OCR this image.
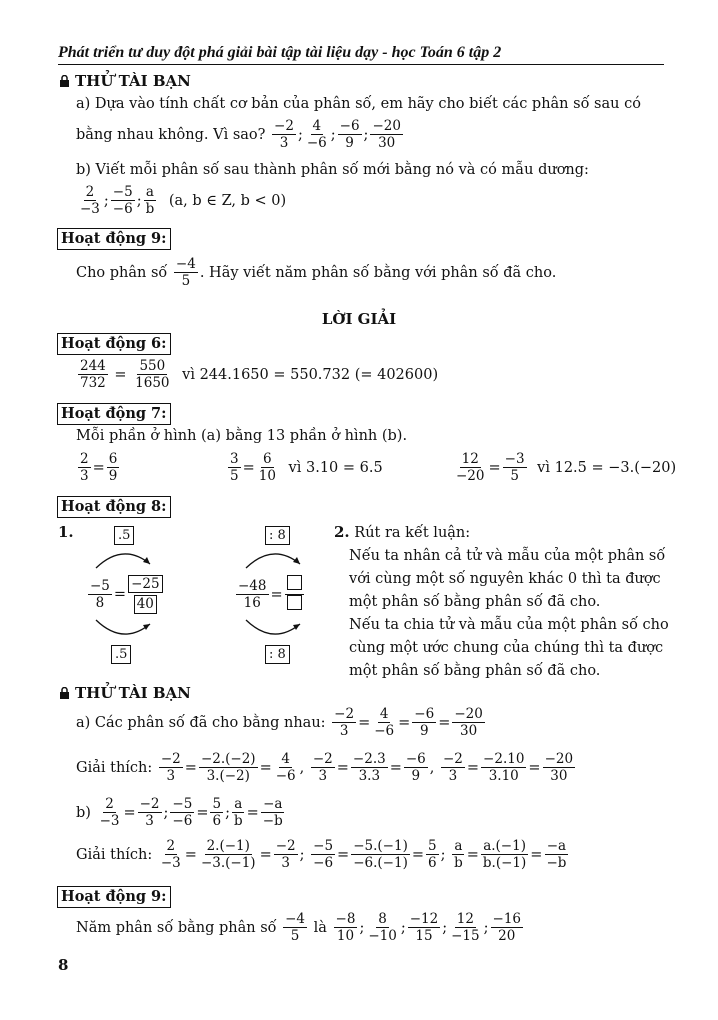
Phát triển tư duy đột phá giải bài tập tài liệu dạy - học Toán 6 tập 2
THỬ TÀI BẠN
a) Dựa vào tính chất cơ bản của phân số, em hãy cho biết các phân số sau có
bằng nhau không. Vì sao? $\frac{-2}{3}$ ; $\frac{4}{-6}$ ; $\frac{-6}{9}$ ; $\frac{-20}{30}$
b) Viết mỗi phân số sau thành phân số mới bằng nó và có mẫu dương:
$\frac{2}{-3}$ ; $\frac{-5}{-6}$ ; $\frac{a}{b} (a$, b ∈ Z, b < 0)
Hoạt động 9:
Cho phân số $\frac{-4}{5}$ . Hãy viết năm phân số bằng với phân số đã cho.
LỜI GIẢI
Hoạt động 6:
$\frac{244}{732} = \frac{550}{1650}$ vì 244.1650 = 550.732 (= 402600)
Hoạt động 7:
Mỗi phần ở hình (a) bằng 13 phần ở hình (b).
$\frac{2}{3} = \frac{6}{9}$	$\frac{3}{5} = \frac{6}{10}$ vì 3.10 = 6.5	$\frac{12}{-20} = \frac{-3}{5}$ vì 12.5 = −3.(−20)
Hoạt động 8:
1.	.5
$\frac{-5}{8} = \frac{-25}{40}$
.5
: 8
$\frac{-48}{16}$ =
: 8
2. Rút ra kết luận:
Nếu ta nhân cả tử và mẫu của một phân số với cùng một số nguyên khác 0 thì ta được một phân số bằng phân số đã cho.
Nếu ta chia tử và mẫu của một phân số cho cùng một ước chung của chúng thì ta được một phân số bằng phân số đã cho.
THỬ TÀI BẠN
a) Các phân số đã cho bằng nhau: $\frac{-2}{3} = \frac{4}{-6} = \frac{-6}{9} = \frac{-20}{30}$
Giải thích: $\frac{-2}{3} = \frac{-2.(-2)}{3.(-2)} = \frac{4}{-6}$ , $\frac{-2}{3} = \frac{-2.3}{3.3} = \frac{-6}{9}$ , $\frac{-2}{3} = \frac{-2.10}{3.10} = \frac{-20}{30}$
$b) \frac{2}{-3} = \frac{-2}{3}$ ; $\frac{-5}{-6} = \frac{5}{6}$ ; $\frac{a}{b} = \frac{-a}{-b}$
Giải thích: $\frac{2}{-3} = \frac{2.(-1)}{-3.(-1)} = \frac{-2}{3}$ ; $\frac{-5}{-6} = \frac{-5.(-1)}{-6.(-1)} = \frac{5}{6}$ ; $\frac{a}{b} = \frac{a.(-1)}{b.(-1)} = \frac{-a}{-b}$
Hoạt động 9:
Năm phân số bằng phân số $\frac{-4}{5}$ là $\frac{-8}{10}$ ; $\frac{8}{-10}$ ; $\frac{-12}{15}$ ; $\frac{12}{-15}$ ; $\frac{-16}{20}$
8
